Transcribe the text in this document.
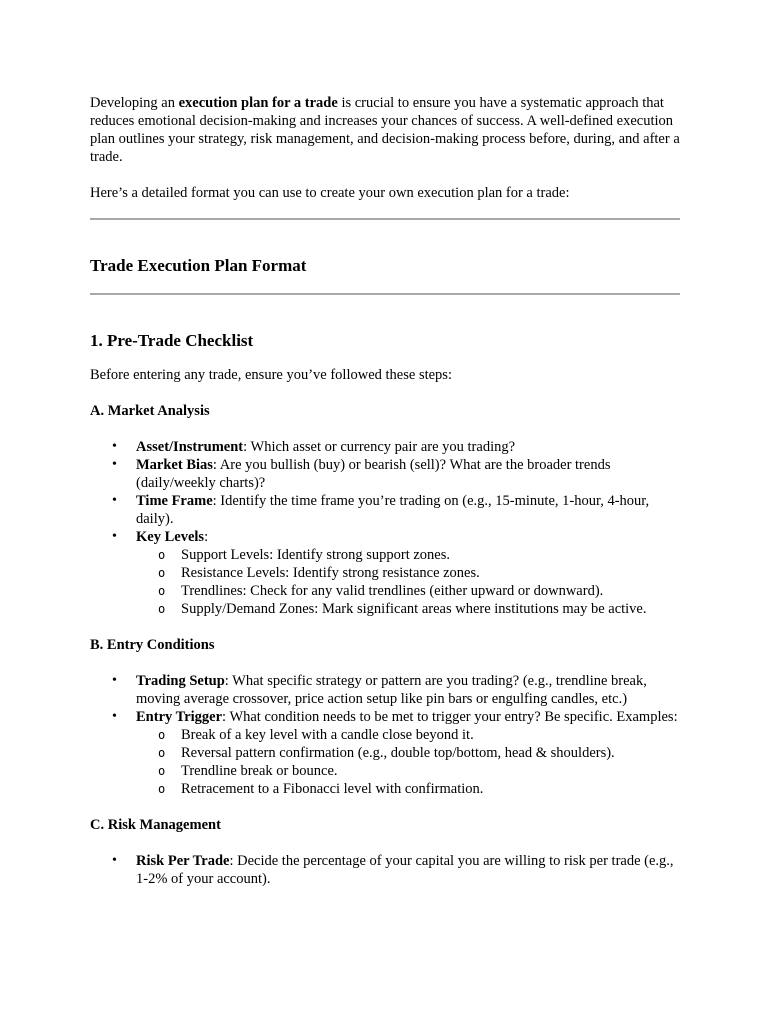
Developing an execution plan for a trade is crucial to ensure you have a systematic approach that reduces emotional decision-making and increases your chances of success. A well-defined execution plan outlines your strategy, risk management, and decision-making process before, during, and after a trade.

Here’s a detailed format you can use to create your own execution plan for a trade:

Trade Execution Plan Format

1. Pre-Trade Checklist

Before entering any trade, ensure you’ve followed these steps:

A. Market Analysis

• Asset/Instrument: Which asset or currency pair are you trading?
• Market Bias: Are you bullish (buy) or bearish (sell)? What are the broader trends (daily/weekly charts)?
• Time Frame: Identify the time frame you’re trading on (e.g., 15-minute, 1-hour, 4-hour, daily).
• Key Levels:
o Support Levels: Identify strong support zones.
o Resistance Levels: Identify strong resistance zones.
o Trendlines: Check for any valid trendlines (either upward or downward).
o Supply/Demand Zones: Mark significant areas where institutions may be active.

B. Entry Conditions

• Trading Setup: What specific strategy or pattern are you trading? (e.g., trendline break, moving average crossover, price action setup like pin bars or engulfing candles, etc.)
• Entry Trigger: What condition needs to be met to trigger your entry? Be specific. Examples:
o Break of a key level with a candle close beyond it.
o Reversal pattern confirmation (e.g., double top/bottom, head & shoulders).
o Trendline break or bounce.
o Retracement to a Fibonacci level with confirmation.

C. Risk Management

• Risk Per Trade: Decide the percentage of your capital you are willing to risk per trade (e.g., 1-2% of your account).
